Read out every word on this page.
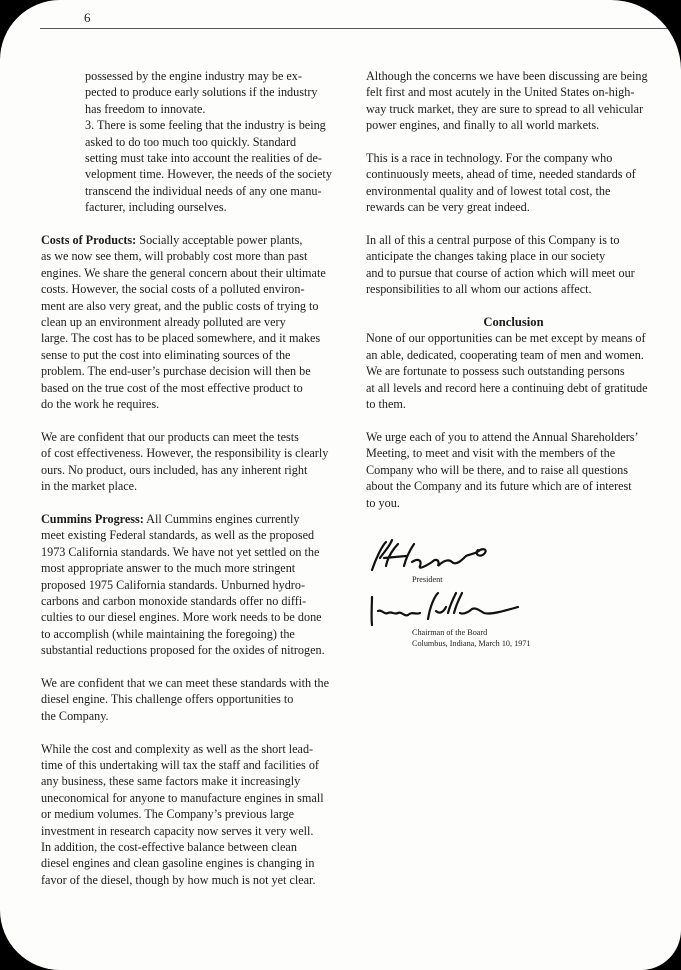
6

possessed by the engine industry may be ex-
pected to produce early solutions if the industry
has freedom to innovate.

3. There is some feeling that the industry is being
asked to do too much too quickly. Standard
setting must take into account the realities of de-
velopment time. However, the needs of the society
transcend the individual needs of any one manu-
facturer, including ourselves.

Costs of Products: Socially acceptable power plants,
as we now see them, will probably cost more than past
engines. We share the general concern about their ultimate
costs. However, the social costs of a polluted environ-
ment are also very great, and the public costs of trying to
clean up an environment already polluted are very
large. The cost has to be placed somewhere, and it makes
sense to put the cost into eliminating sources of the
problem. The end-user’s purchase decision will then be
based on the true cost of the most effective product to
do the work he requires.

We are confident that our products can meet the tests
of cost effectiveness. However, the responsibility is clearly
ours. No product, ours included, has any inherent right
in the market place.

Cummins Progress: All Cummins engines currently
meet existing Federal standards, as well as the proposed
1973 California standards. We have not yet settled on the
most appropriate answer to the much more stringent
proposed 1975 California standards. Unburned hydro-
carbons and carbon monoxide standards offer no diffi-
culties to our diesel engines. More work needs to be done
to accomplish (while maintaining the foregoing) the
substantial reductions proposed for the oxides of nitrogen.

We are confident that we can meet these standards with the
diesel engine. This challenge offers opportunities to
the Company.

While the cost and complexity as well as the short lead-
time of this undertaking will tax the staff and facilities of
any business, these same factors make it increasingly
uneconomical for anyone to manufacture engines in small
or medium volumes. The Company’s previous large
investment in research capacity now serves it very well.
In addition, the cost-effective balance between clean
diesel engines and clean gasoline engines is changing in
favor of the diesel, though by how much is not yet clear.

Although the concerns we have been discussing are being
felt first and most acutely in the United States on-high-
way truck market, they are sure to spread to all vehicular
power engines, and finally to all world markets.

This is a race in technology. For the company who
continuously meets, ahead of time, needed standards of
environmental quality and of lowest total cost, the
rewards can be very great indeed.

In all of this a central purpose of this Company is to
anticipate the changes taking place in our society
and to pursue that course of action which will meet our
responsibilities to all whom our actions affect.

Conclusion

None of our opportunities can be met except by means of
an able, dedicated, cooperating team of men and women.
We are fortunate to possess such outstanding persons
at all levels and record here a continuing debt of gratitude
to them.

We urge each of you to attend the Annual Shareholders’
Meeting, to meet and visit with the members of the
Company who will be there, and to raise all questions
about the Company and its future which are of interest
to you.

President
Chairman of the Board
Columbus, Indiana, March 10, 1971
